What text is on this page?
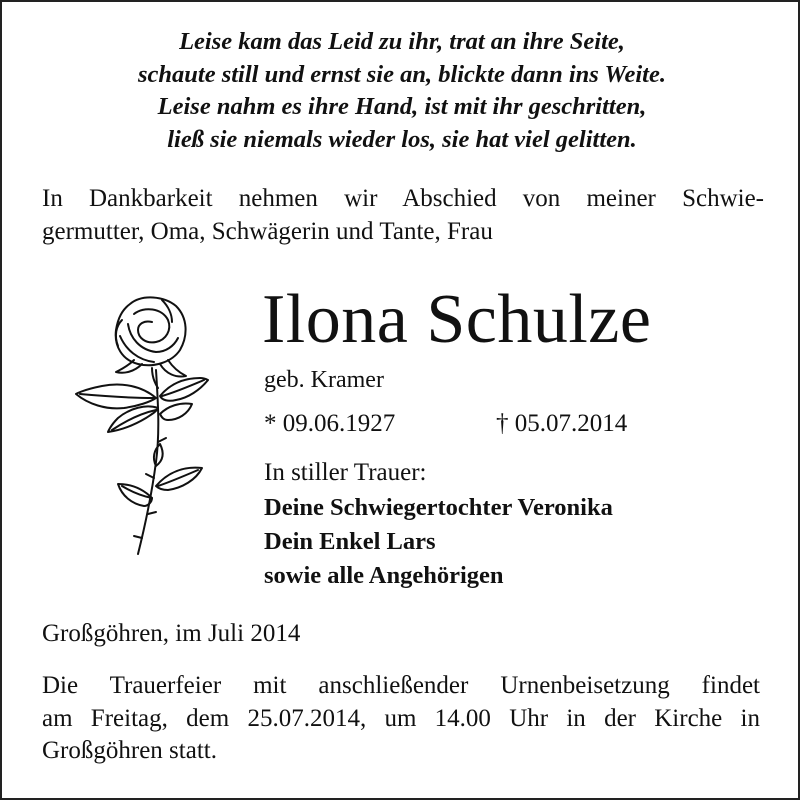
Leise kam das Leid zu ihr, trat an ihre Seite,
schaute still und ernst sie an, blickte dann ins Weite.
Leise nahm es ihre Hand, ist mit ihr geschritten,
ließ sie niemals wieder los, sie hat viel gelitten.
In Dankbarkeit nehmen wir Abschied von meiner Schwie-
germutter, Oma, Schwägerin und Tante, Frau
Ilona Schulze
geb. Kramer
* 09.06.1927	† 05.07.2014
In stiller Trauer:
Deine Schwiegertochter Veronika
Dein Enkel Lars
sowie alle Angehörigen
Großgöhren, im Juli 2014
Die Trauerfeier mit anschließender Urnenbeisetzung findet
am Freitag, dem 25.07.2014, um 14.00 Uhr in der Kirche in
Großgöhren statt.
